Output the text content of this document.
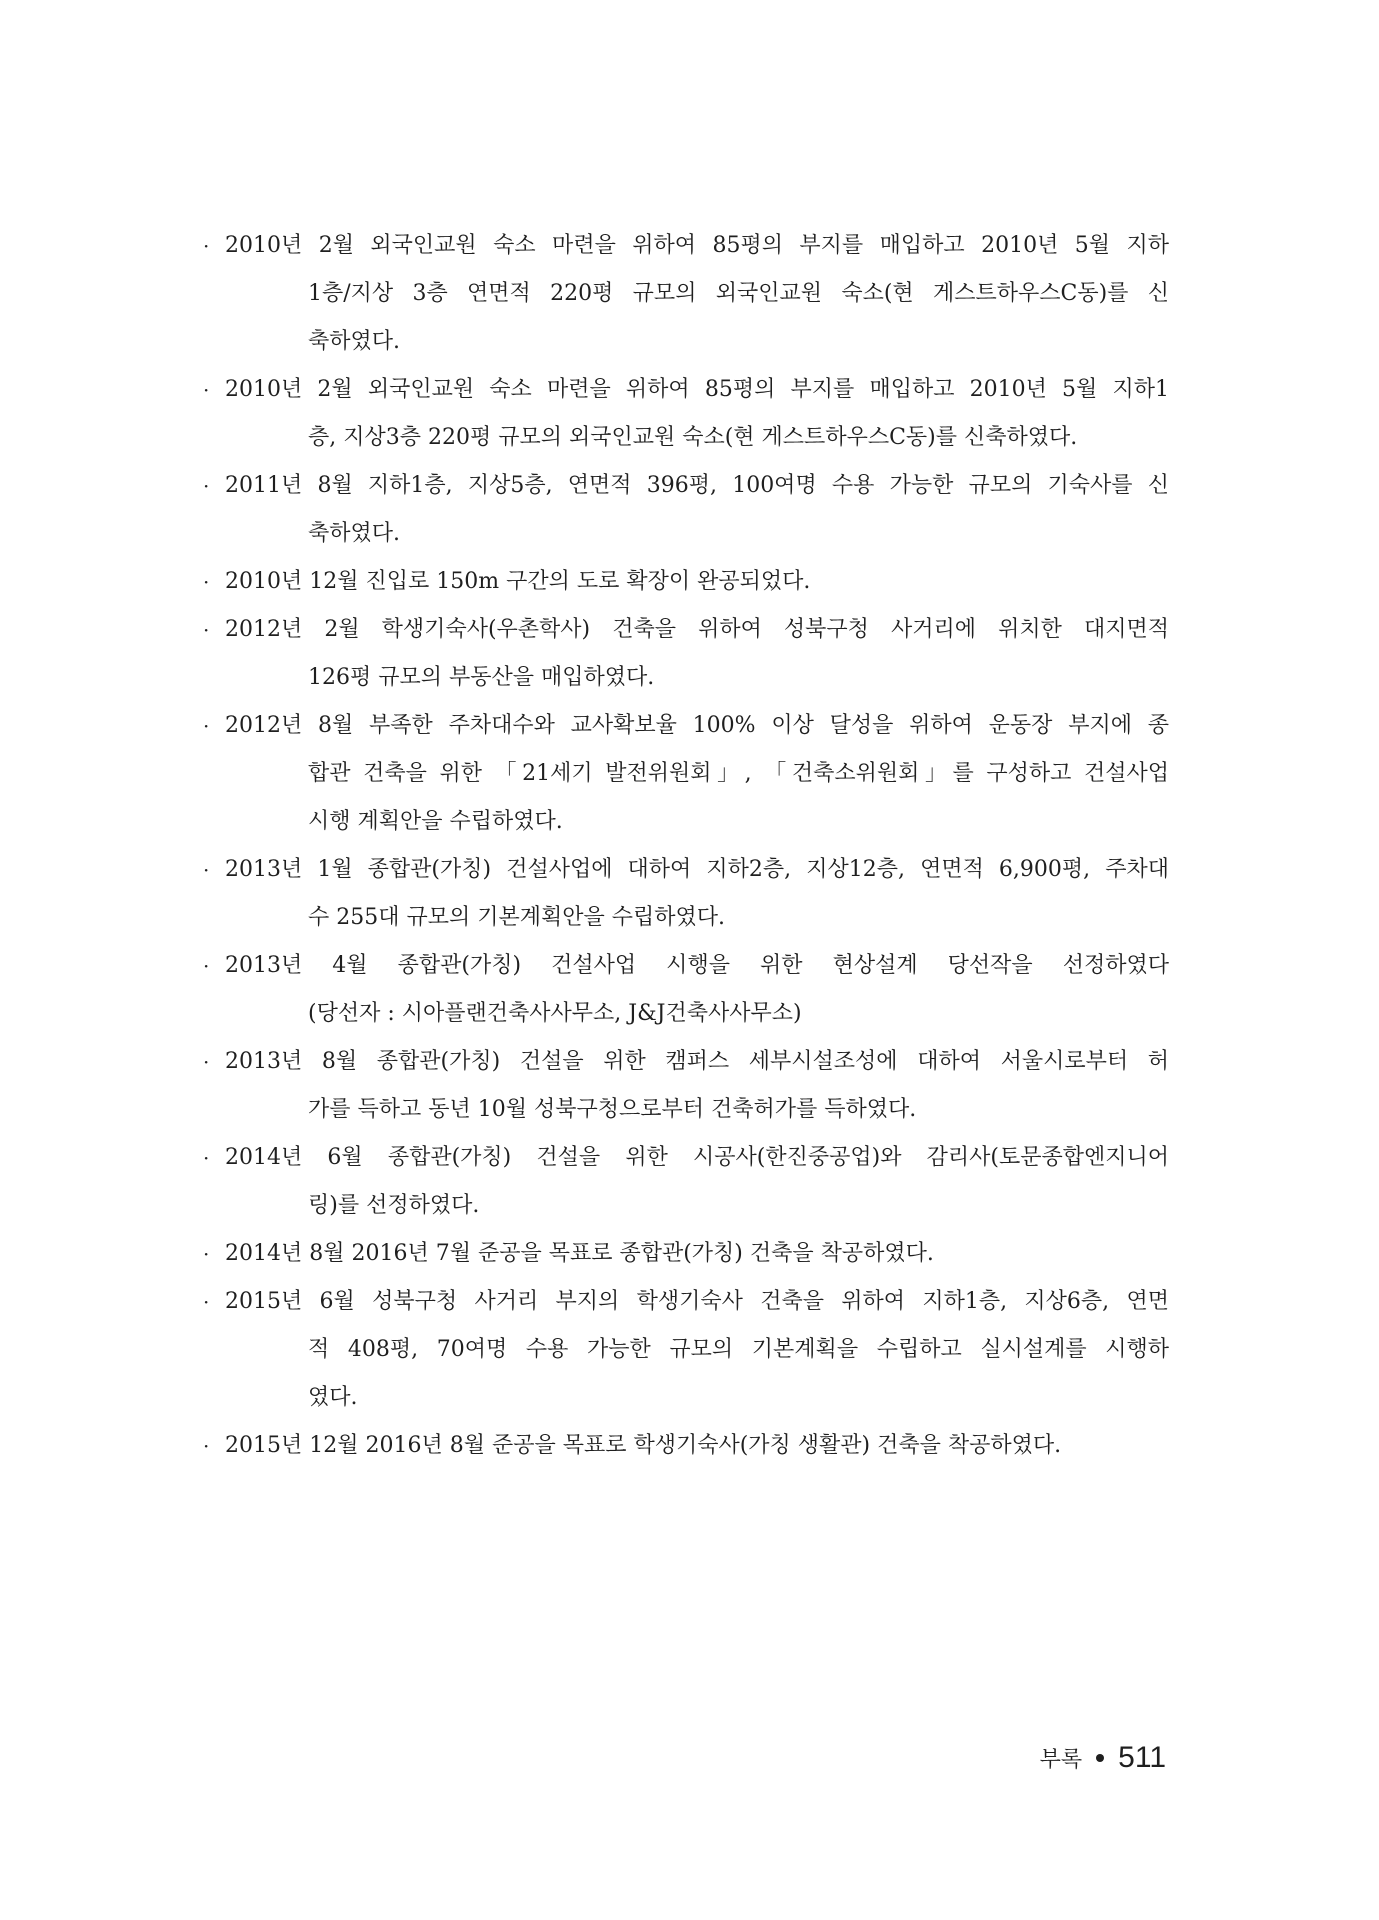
· 2010년 2월 외국인교원 숙소 마련을 위하여 85평의 부지를 매입하고 2010년 5월 지하
1층/지상 3층 연면적 220평 규모의 외국인교원 숙소(현 게스트하우스C동)를 신
축하였다.
· 2010년 2월 외국인교원 숙소 마련을 위하여 85평의 부지를 매입하고 2010년 5월 지하1
층, 지상3층 220평 규모의 외국인교원 숙소(현 게스트하우스C동)를 신축하였다.
· 2011년 8월 지하1층, 지상5층, 연면적 396평, 100여명 수용 가능한 규모의 기숙사를 신
축하였다.
· 2010년 12월 진입로 150m 구간의 도로 확장이 완공되었다.
· 2012년 2월 학생기숙사(우촌학사) 건축을 위하여 성북구청 사거리에 위치한 대지면적
126평 규모의 부동산을 매입하였다.
· 2012년 8월 부족한 주차대수와 교사확보율 100% 이상 달성을 위하여 운동장 부지에 종
합관 건축을 위한 「21세기 발전위원회」, 「건축소위원회」를 구성하고 건설사업
시행 계획안을 수립하였다.
· 2013년 1월 종합관(가칭) 건설사업에 대하여 지하2층, 지상12층, 연면적 6,900평, 주차대
수 255대 규모의 기본계획안을 수립하였다.
· 2013년 4월 종합관(가칭) 건설사업 시행을 위한 현상설계 당선작을 선정하였다
(당선자 : 시아플랜건축사사무소, J&J건축사사무소)
· 2013년 8월 종합관(가칭) 건설을 위한 캠퍼스 세부시설조성에 대하여 서울시로부터 허
가를 득하고 동년 10월 성북구청으로부터 건축허가를 득하였다.
· 2014년 6월 종합관(가칭) 건설을 위한 시공사(한진중공업)와 감리사(토문종합엔지니어
링)를 선정하였다.
· 2014년 8월 2016년 7월 준공을 목표로 종합관(가칭) 건축을 착공하였다.
· 2015년 6월 성북구청 사거리 부지의 학생기숙사 건축을 위하여 지하1층, 지상6층, 연면
적 408평, 70여명 수용 가능한 규모의 기본계획을 수립하고 실시설계를 시행하
였다.
· 2015년 12월 2016년 8월 준공을 목표로 학생기숙사(가칭 생활관) 건축을 착공하였다.
부록 511
